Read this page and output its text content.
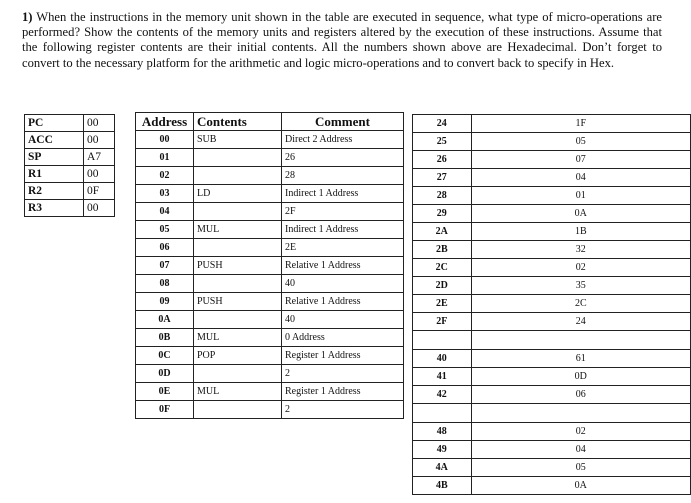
1) When the instructions in the memory unit shown in the table are executed in sequence, what type of micro-operations are performed? Show the contents of the memory units and registers altered by the execution of these instructions. Assume that the following register contents are their initial contents. All the numbers shown above are Hexadecimal. Don’t forget to convert to the necessary platform for the arithmetic and logic micro-operations and to convert back to specify in Hex.

PC	00
ACC	00
SP	A7
R1	00
R2	0F
R3	00
Address	Contents	Comment
00	SUB	Direct 2 Address
01		26
02		28
03	LD	Indirect 1 Address
04		2F
05	MUL	Indirect 1 Address
06		2E
07	PUSH	Relative 1 Address
08		40
09	PUSH	Relative 1 Address
0A		40
0B	MUL	0 Address
0C	POP	Register 1 Address
0D		2
0E	MUL	Register 1 Address
0F		2
24	1F
25	05
26	07
27	04
28	01
29	0A
2A	1B
2B	32
2C	02
2D	35
2E	2C
2F	24

40	61
41	0D
42	06

48	02
49	04
4A	05
4B	0A
